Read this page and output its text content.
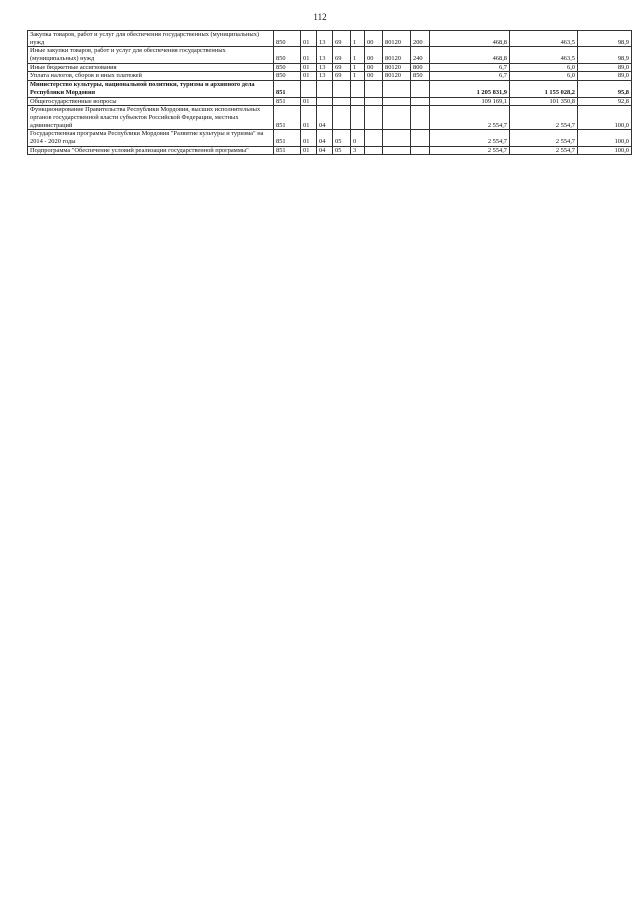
112
Закупка товаров, работ и услуг для обеспечения государственных (муниципальных) нужд	850	01	13	69	1	00	80120	200	468,8	463,5	98,9
Иные закупки товаров, работ и услуг для обеспечения государственных (муниципальных) нужд	850	01	13	69	1	00	80120	240	468,8	463,5	98,9
Иные бюджетные ассигнования	850	01	13	69	1	00	80120	800	6,7	6,0	89,0
Уплата налогов, сборов и иных платежей	850	01	13	69	1	00	80120	850	6,7	6,0	89,0
Министерство культуры, национальной политики, туризма и архивного дела Республики Мордовия	851								1 205 831,9	1 155 028,2	95,8
Общегосударственные вопросы	851	01							109 169,1	101 350,8	92,8
Функционирование Правительства Республики Мордовия, высших исполнительных органов государственной власти субъектов Российской Федерации, местных администраций	851	01	04						2 554,7	2 554,7	100,0
Государственная программа Республики Мордовия "Развитие культуры и туризма" на 2014 - 2020 годы	851	01	04	05	0				2 554,7	2 554,7	100,0
Подпрограмма "Обеспечение условий реализации государственной программы"	851	01	04	05	3				2 554,7	2 554,7	100,0
